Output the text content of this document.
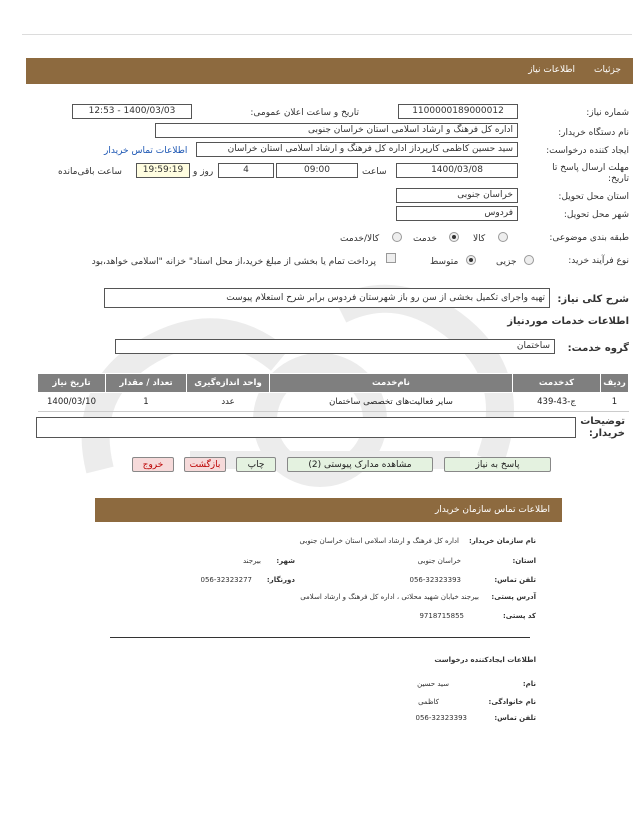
جزئیات
اطلاعات نیاز
شماره نیاز:
1100000189000012
تاریخ و ساعت اعلان عمومی:
1400/03/03 - 12:53
نام دستگاه خریدار:
اداره کل فرهنگ و ارشاد اسلامی استان خراسان جنوبی
ایجاد کننده درخواست:
سید حسین کاظمی کارپرداز اداره کل فرهنگ و ارشاد اسلامی استان خراسان
اطلاعات تماس خریدار
مهلت ارسال پاسخ تا تاریخ:
1400/03/08
ساعت
09:00
4
روز و
19:59:19
ساعت باقی‌مانده
استان محل تحویل:
خراسان جنوبی
شهر محل تحویل:
فردوس
طبقه بندی موضوعی:
کالا
خدمت
کالا/خدمت
نوع فرآیند خرید:
جزیی
متوسط
پرداخت تمام یا بخشی از مبلغ خرید،از محل اسناد" خزانه "اسلامی خواهد،بود
شرح کلی نیاز:
تهیه واجرای تکمیل بخشی از سن رو باز شهرستان فردوس برابر شرح استعلام پیوست
اطلاعات خدمات موردنیاز
گروه خدمت:
ساختمان
ردیف	کدخدمت	نام‌خدمت	واحد اندازه‌گیری	تعداد / مقدار	تاریخ نیاز
1	ج-43-439	سایر فعالیت‌های تخصصی ساختمان	عدد	1	1400/03/10
توضیحات خریدار:
پاسخ به نیاز
مشاهده مدارک پیوستی (2)
چاپ
بازگشت
خروج
اطلاعات تماس سازمان خریدار
نام سازمان خریدار:
اداره کل فرهنگ و ارشاد اسلامی استان خراسان جنوبی
استان:
خراسان جنوبی
شهر:
بیرجند
تلفن تماس:
056-32323393
دورنگار:
056-32323277
آدرس پستی:
بیرجند خیابان شهید محلاتی ، اداره کل فرهنگ و ارشاد اسلامی
کد پستی:
9718715855
اطلاعات ایجادکننده درخواست
نام:
سید حسین
نام خانوادگی:
کاظمی
تلفن تماس:
056-32323393
